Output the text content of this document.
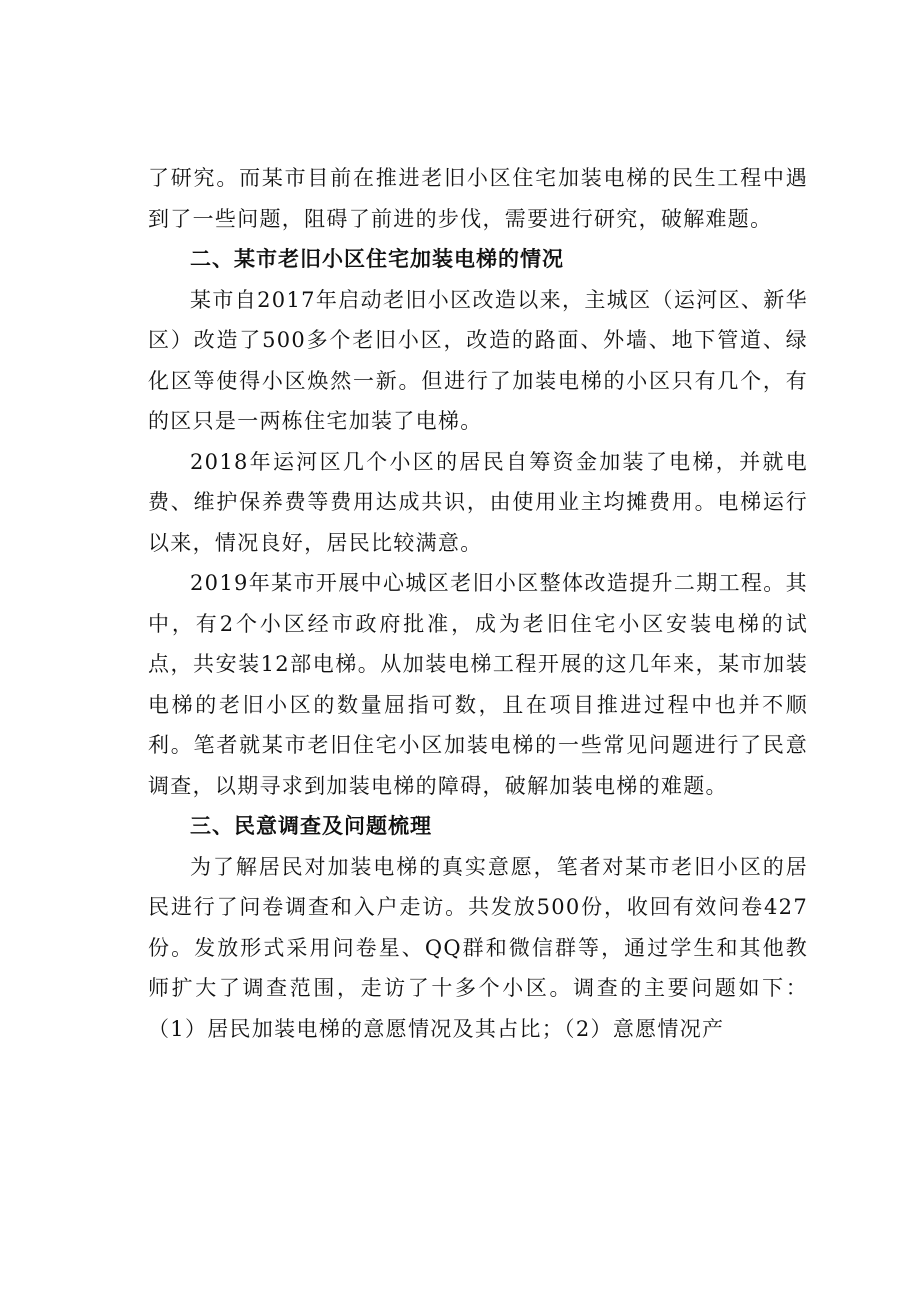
了研究。而某市目前在推进老旧小区住宅加装电梯的民生工程中遇到了一些问题，阻碍了前进的步伐，需要进行研究，破解难题。

二、某市老旧小区住宅加装电梯的情况

某市自2017年启动老旧小区改造以来，主城区（运河区、新华区）改造了500多个老旧小区，改造的路面、外墙、地下管道、绿化区等使得小区焕然一新。但进行了加装电梯的小区只有几个，有的区只是一两栋住宅加装了电梯。

2018年运河区几个小区的居民自筹资金加装了电梯，并就电费、维护保养费等费用达成共识，由使用业主均摊费用。电梯运行以来，情况良好，居民比较满意。

2019年某市开展中心城区老旧小区整体改造提升二期工程。其中，有2个小区经市政府批准，成为老旧住宅小区安装电梯的试点，共安装12部电梯。从加装电梯工程开展的这几年来，某市加装电梯的老旧小区的数量屈指可数，且在项目推进过程中也并不顺利。笔者就某市老旧住宅小区加装电梯的一些常见问题进行了民意调查，以期寻求到加装电梯的障碍，破解加装电梯的难题。

三、民意调查及问题梳理

为了解居民对加装电梯的真实意愿，笔者对某市老旧小区的居民进行了问卷调查和入户走访。共发放500份，收回有效问卷427份。发放形式采用问卷星、QQ群和微信群等，通过学生和其他教师扩大了调查范围，走访了十多个小区。调查的主要问题如下：（1）居民加装电梯的意愿情况及其占比；（2）意愿情况产
